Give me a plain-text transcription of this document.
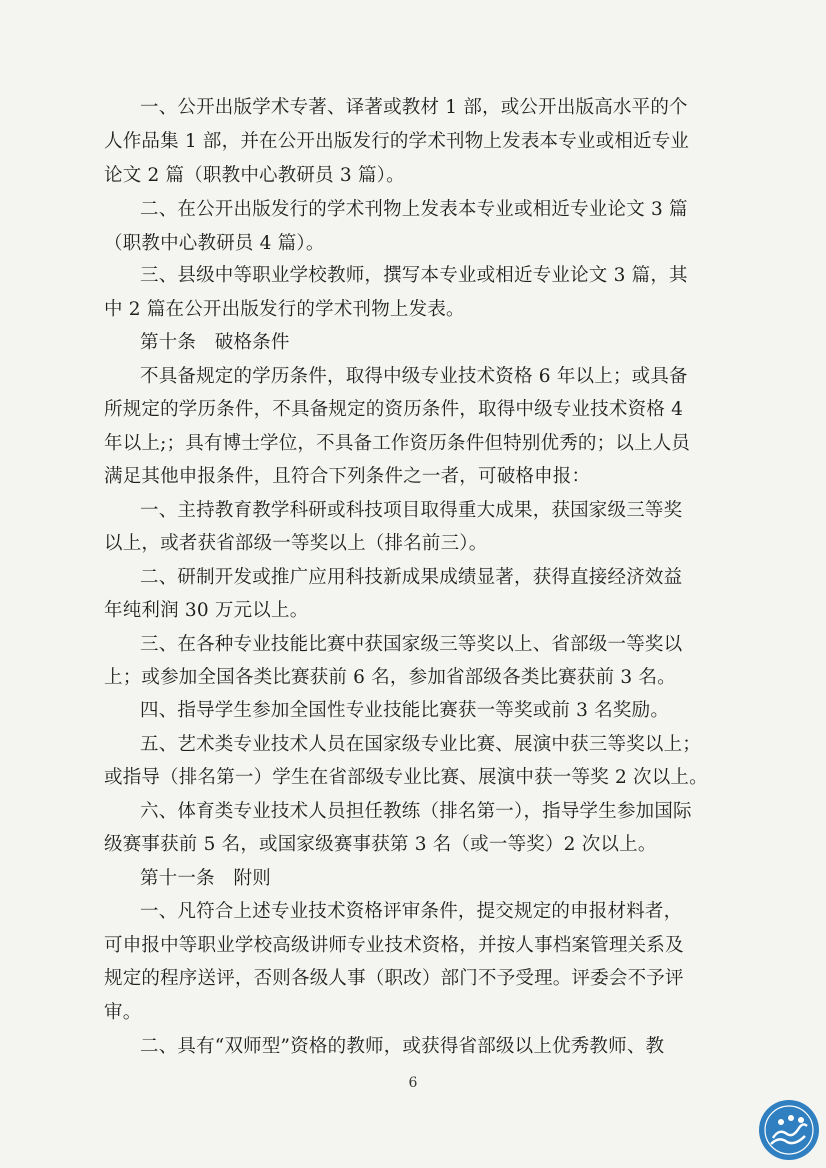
一、公开出版学术专著、译著或教材 1 部，或公开出版高水平的个
人作品集 1 部，并在公开出版发行的学术刊物上发表本专业或相近专业
论文 2 篇（职教中心教研员 3 篇）。
二、在公开出版发行的学术刊物上发表本专业或相近专业论文 3 篇
（职教中心教研员 4 篇）。
三、县级中等职业学校教师，撰写本专业或相近专业论文 3 篇，其
中 2 篇在公开出版发行的学术刊物上发表。
第十条　破格条件
不具备规定的学历条件，取得中级专业技术资格 6 年以上；或具备
所规定的学历条件，不具备规定的资历条件，取得中级专业技术资格 4
年以上;；具有博士学位，不具备工作资历条件但特别优秀的；以上人员
满足其他申报条件，且符合下列条件之一者，可破格申报：
一、主持教育教学科研或科技项目取得重大成果，获国家级三等奖
以上，或者获省部级一等奖以上（排名前三）。
二、研制开发或推广应用科技新成果成绩显著，获得直接经济效益
年纯利润 30 万元以上。
三、在各种专业技能比赛中获国家级三等奖以上、省部级一等奖以
上；或参加全国各类比赛获前 6 名，参加省部级各类比赛获前 3 名。
四、指导学生参加全国性专业技能比赛获一等奖或前 3 名奖励。
五、艺术类专业技术人员在国家级专业比赛、展演中获三等奖以上；
或指导（排名第一）学生在省部级专业比赛、展演中获一等奖 2 次以上。
六、体育类专业技术人员担任教练（排名第一），指导学生参加国际
级赛事获前 5 名，或国家级赛事获第 3 名（或一等奖）2 次以上。
第十一条　附则
一、凡符合上述专业技术资格评审条件，提交规定的申报材料者，
可申报中等职业学校高级讲师专业技术资格，并按人事档案管理关系及
规定的程序送评，否则各级人事（职改）部门不予受理。评委会不予评
审。
二、具有“双师型”资格的教师，或获得省部级以上优秀教师、教
6
